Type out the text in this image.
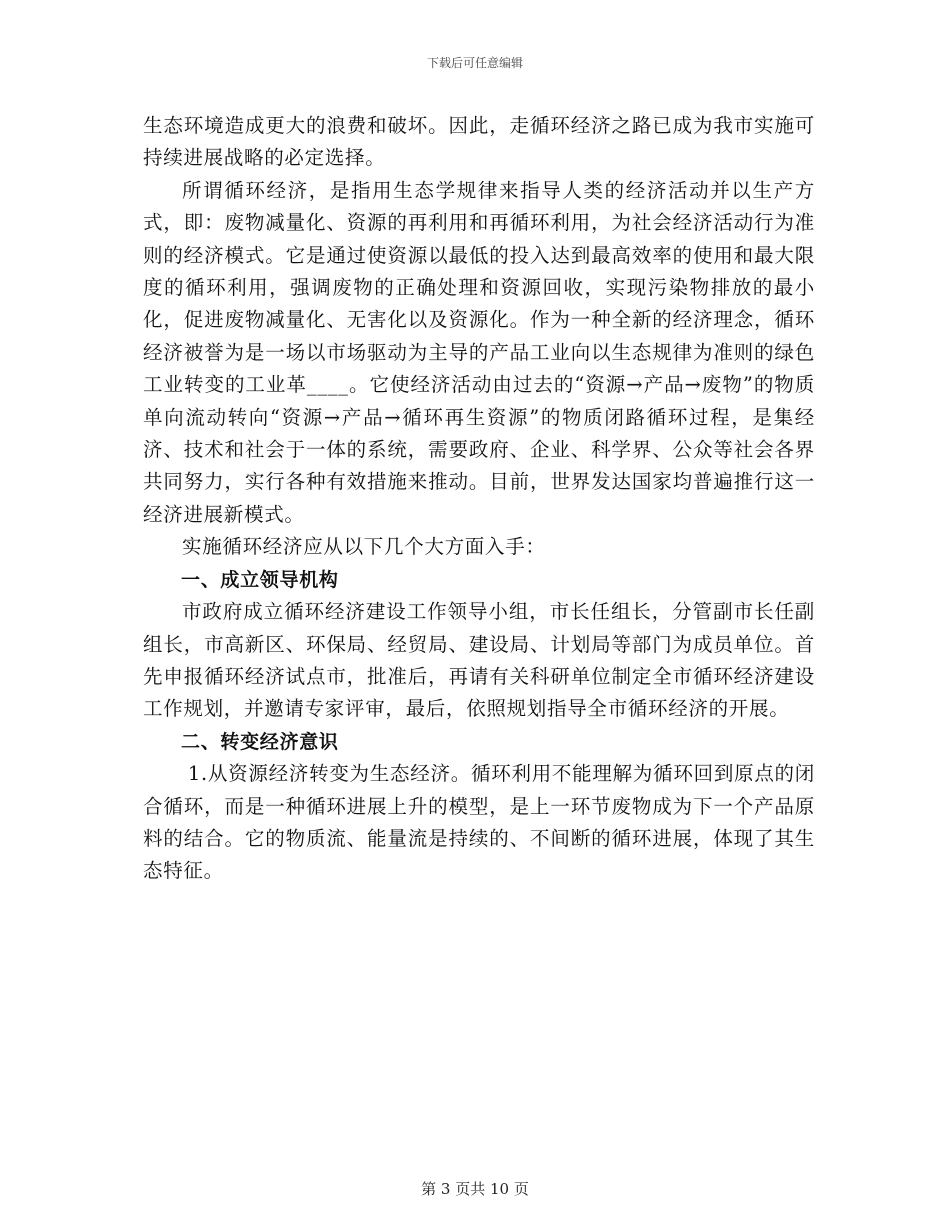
下载后可任意编辑

生态环境造成更大的浪费和破坏。因此，走循环经济之路已成为我市实施可持续进展战略的必定选择。

所谓循环经济，是指用生态学规律来指导人类的经济活动并以生产方式，即：废物减量化、资源的再利用和再循环利用，为社会经济活动行为准则的经济模式。它是通过使资源以最低的投入达到最高效率的使用和最大限度的循环利用，强调废物的正确处理和资源回收，实现污染物排放的最小化，促进废物减量化、无害化以及资源化。作为一种全新的经济理念，循环经济被誉为是一场以市场驱动为主导的产品工业向以生态规律为准则的绿色工业转变的工业革____。它使经济活动由过去的“资源→产品→废物”的物质单向流动转向“资源→产品→循环再生资源”的物质闭路循环过程，是集经济、技术和社会于一体的系统，需要政府、企业、科学界、公众等社会各界共同努力，实行各种有效措施来推动。目前，世界发达国家均普遍推行这一经济进展新模式。

实施循环经济应从以下几个大方面入手：

一、成立领导机构

市政府成立循环经济建设工作领导小组，市长任组长，分管副市长任副组长，市高新区、环保局、经贸局、建设局、计划局等部门为成员单位。首先申报循环经济试点市，批准后，再请有关科研单位制定全市循环经济建设工作规划，并邀请专家评审，最后，依照规划指导全市循环经济的开展。

二、转变经济意识

1.从资源经济转变为生态经济。循环利用不能理解为循环回到原点的闭合循环，而是一种循环进展上升的模型，是上一环节废物成为下一个产品原料的结合。它的物质流、能量流是持续的、不间断的循环进展，体现了其生态特征。

第 3 页共 10 页
